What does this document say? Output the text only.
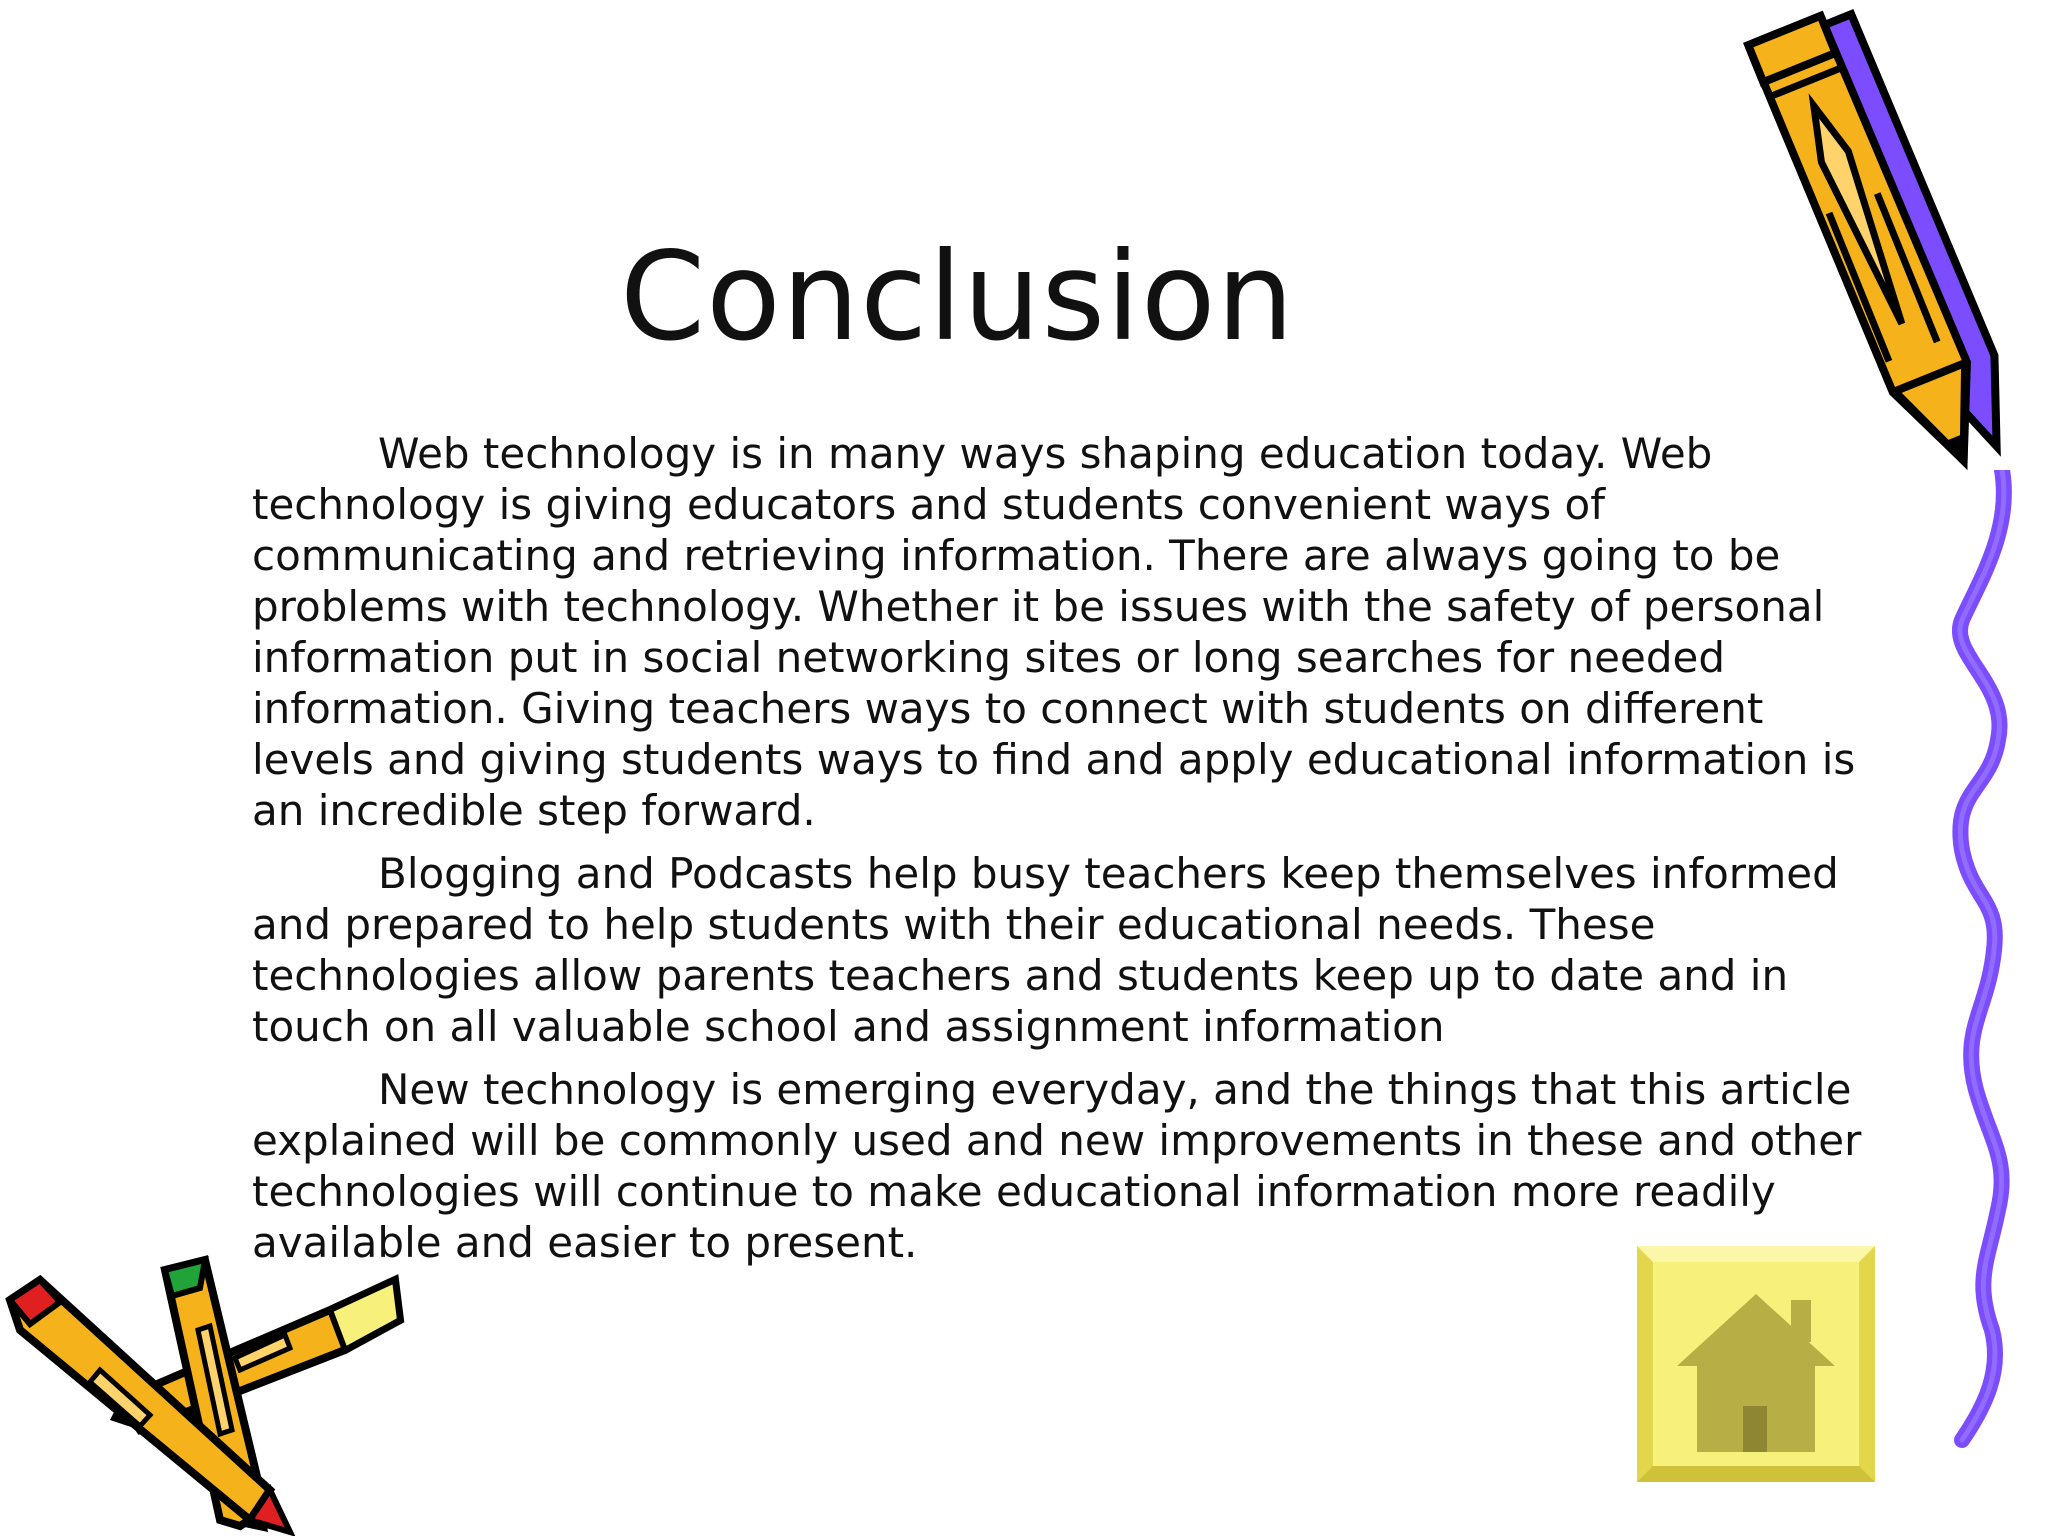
Conclusion

Web technology is in many ways shaping education today. Web technology is giving educators and students convenient ways of communicating and retrieving information. There are always going to be problems with technology. Whether it be issues with the safety of personal information put in social networking sites or long searches for needed information. Giving teachers ways to connect with students on different levels and giving students ways to find and apply educational information is an incredible step forward.

Blogging and Podcasts help busy teachers keep themselves informed and prepared to help students with their educational needs. These technologies allow parents teachers and students keep up to date and in touch on all valuable school and assignment information

New technology is emerging everyday, and the things that this article explained will be commonly used and new improvements in these and other technologies will continue to make educational information more readily available and easier to present.
